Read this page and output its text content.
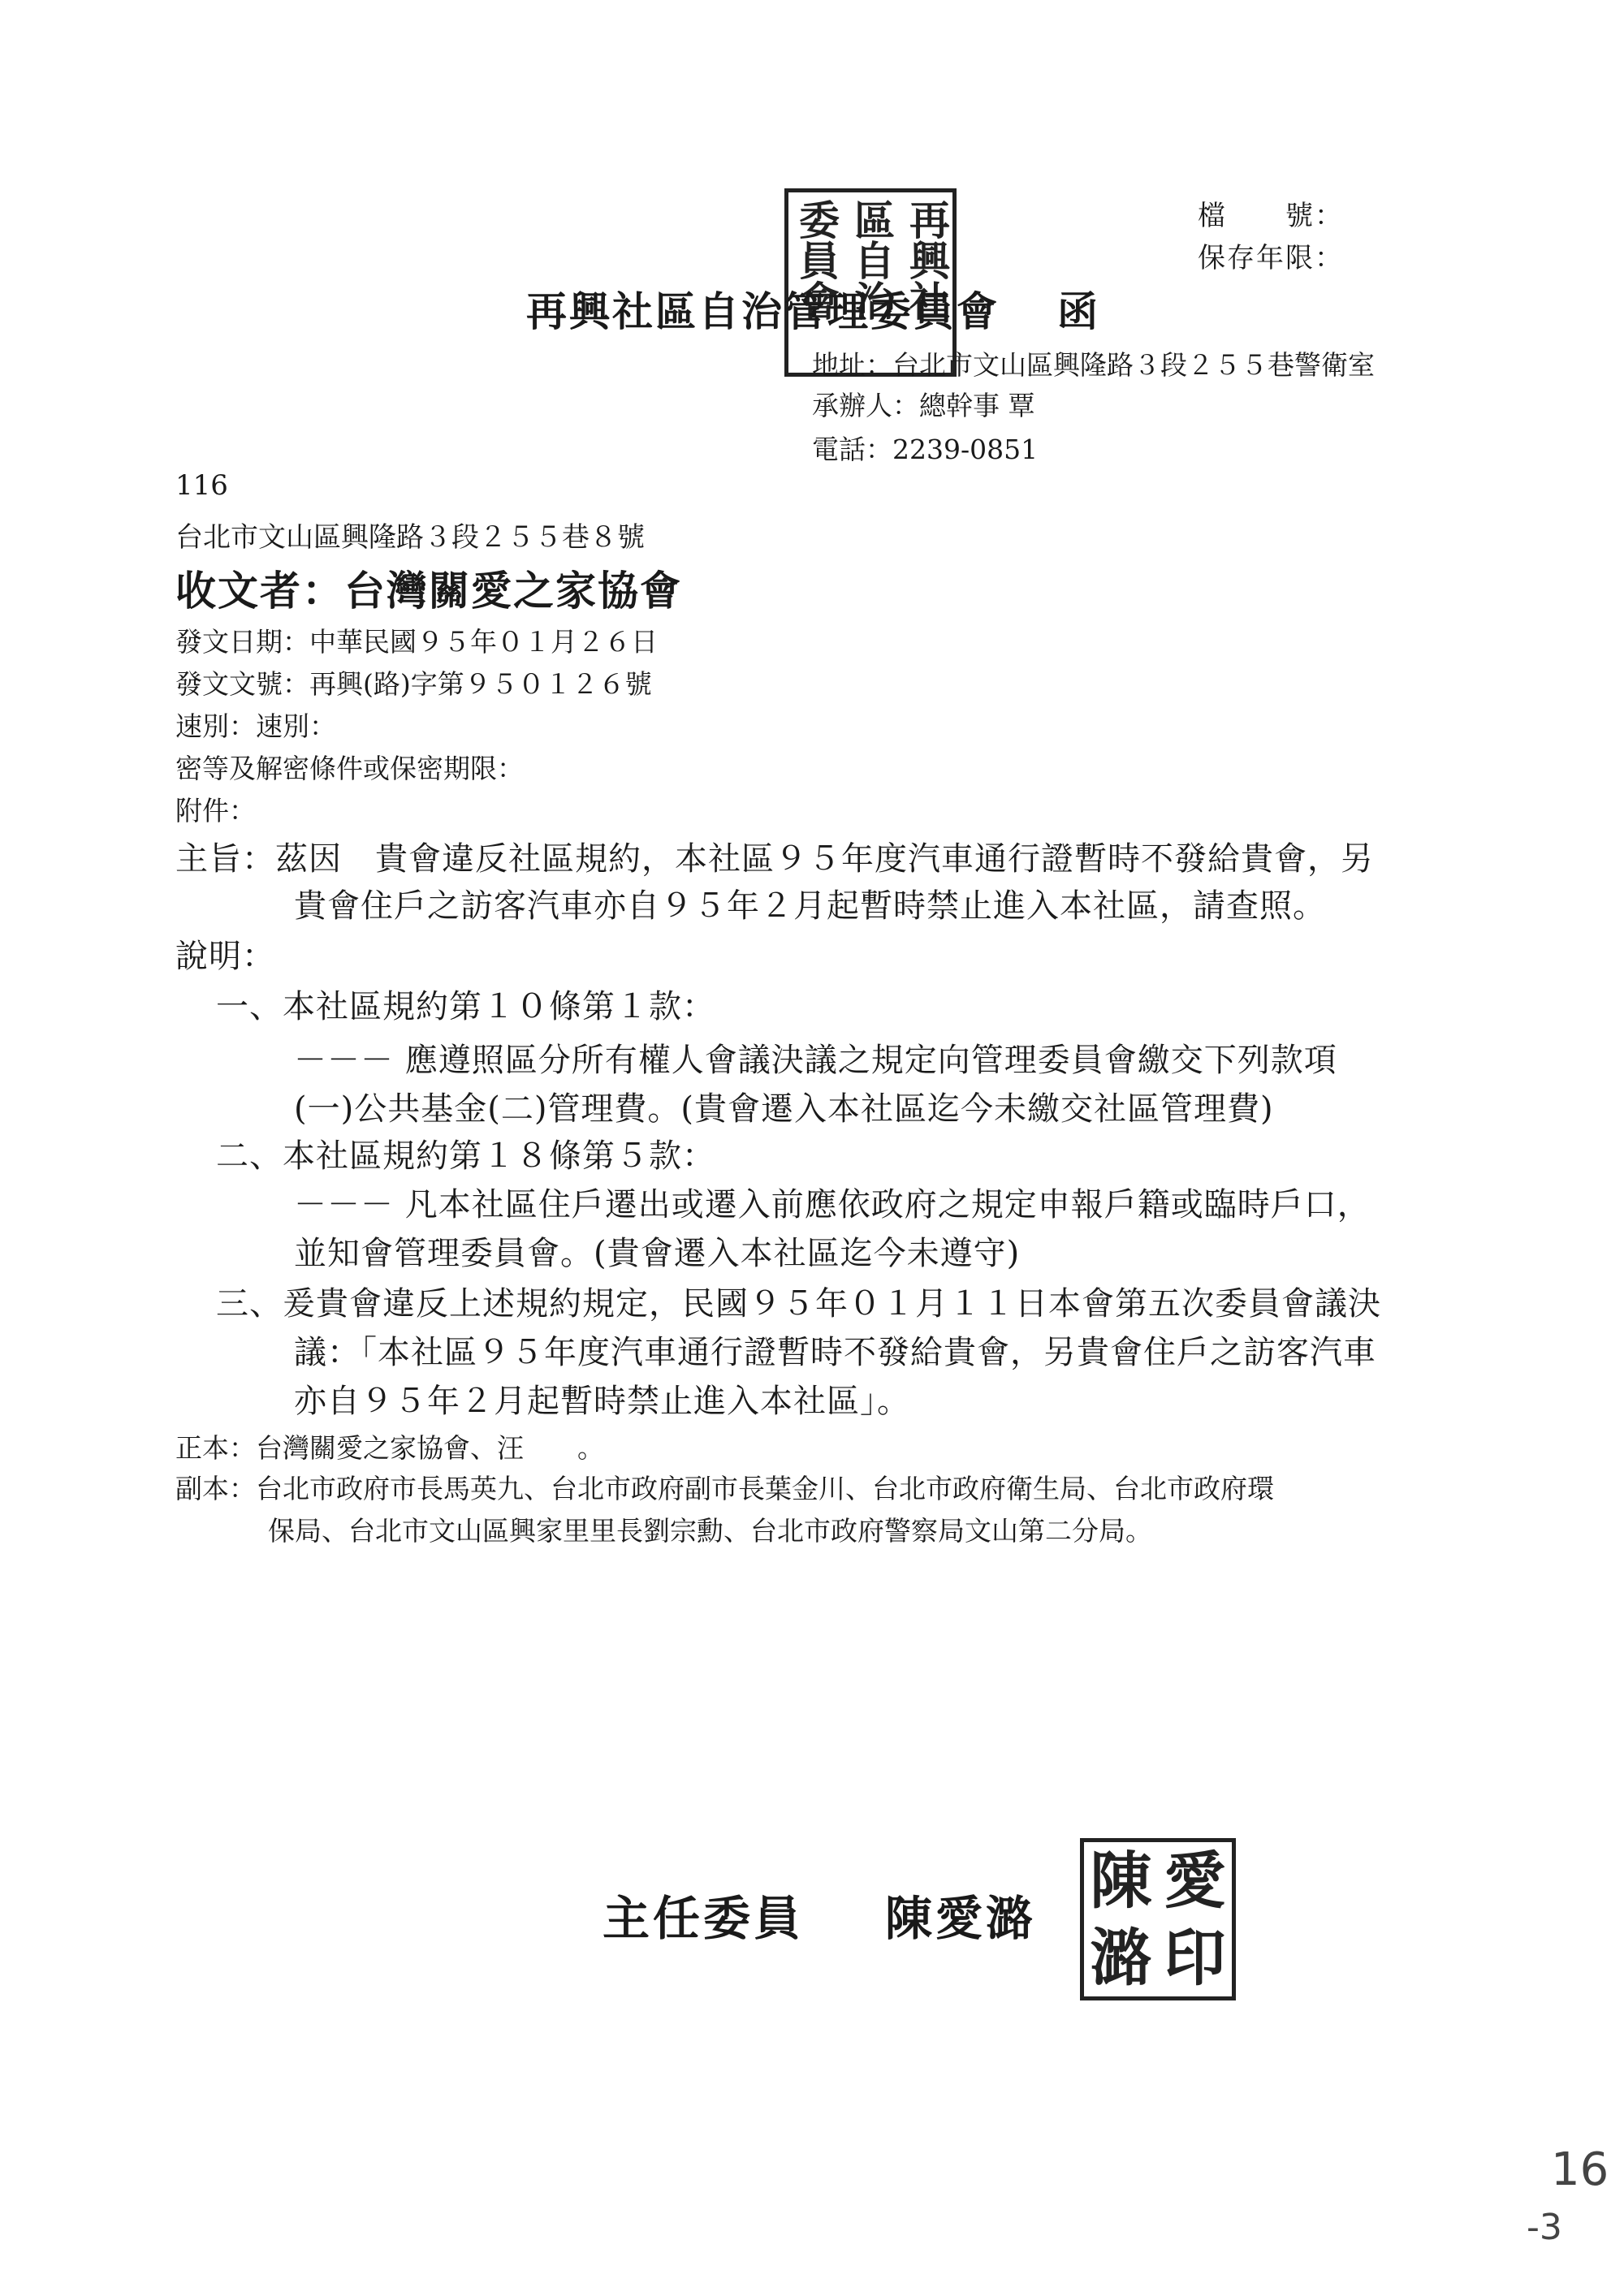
檔　　號：
保存年限：
再興社
區自治
委員會
再興社區自治管理委員會 函
地址：台北市文山區興隆路３段２５５巷警衛室
承辦人：總幹事 覃
電話：2239-0851
116
台北市文山區興隆路３段２５５巷８號
收文者：台灣關愛之家協會
發文日期：中華民國９５年０１月２６日
發文文號：再興(路)字第９５０１２６號
速別：速別：
密等及解密條件或保密期限：
附件：
主旨：茲因　貴會違反社區規約，本社區９５年度汽車通行證暫時不發給貴會，另
貴會住戶之訪客汽車亦自９５年２月起暫時禁止進入本社區，請查照。
說明：
一、本社區規約第１０條第１款：
－－－ 應遵照區分所有權人會議決議之規定向管理委員會繳交下列款項
(一)公共基金(二)管理費。(貴會遷入本社區迄今未繳交社區管理費)
二、本社區規約第１８條第５款：
－－－ 凡本社區住戶遷出或遷入前應依政府之規定申報戶籍或臨時戶口，
並知會管理委員會。(貴會遷入本社區迄今未遵守)
三、爰貴會違反上述規約規定，民國９５年０１月１１日本會第五次委員會議決
議：「本社區９５年度汽車通行證暫時不發給貴會，另貴會住戶之訪客汽車
亦自９５年２月起暫時禁止進入本社區」。
正本：台灣關愛之家協會、汪　　。
副本：台北市政府市長馬英九、台北市政府副市長葉金川、台北市政府衛生局、台北市政府環
保局、台北市文山區興家里里長劉宗勳、台北市政府警察局文山第二分局。
主任委員 陳愛潞
陳 愛
潞 印
16
-3
